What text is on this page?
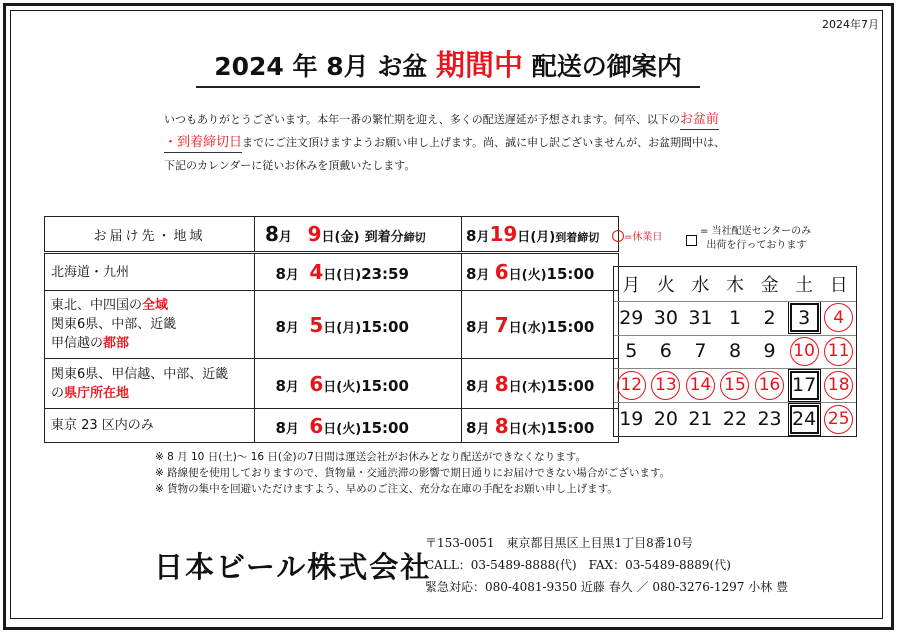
2024年7月
2024 年 8月 お盆 期間中 配送の御案内

いつもありがとうございます。本年一番の繁忙期を迎え、多くの配送遅延が予想されます。何卒、以下のお盆前

・到着締切日までにご注文頂けますようお願い申し上げます。尚、誠に申し訳ございませんが、お盆期間中は、

下記のカレンダーに従いお休みを頂戴いたします。

お届け先・地域	8月 9日(金) 到着分締切	8月19日(月)到着締切
北海道・九州	8月 4日(日)23:59	8月 6日(火)15:00
東北、中四国の全域
関東6県、中部、近畿
甲信越の都部	8月 5日(月)15:00	8月 7日(水)15:00
関東6県、甲信越、中部、近畿
の県庁所在地	8月 6日(火)15:00	8月 8日(木)15:00
東京 23 区内のみ	8月 6日(火)15:00	8月 8日(木)15:00
=休業日
= 当社配送センターのみ
出荷を行っております
月 火 水 木 金 土 日
29 30 31 1 2	3	4
5 6 7 8 9 10 11
12 13 14 15 16 17 18
19 20 21 22 23 24 25

※ 8 月 10 日(土)～ 16 日(金)の7日間は運送会社がお休みとなり配送ができなくなります。

※ 路線便を使用しておりますので、貨物量・交通渋滞の影響で期日通りにお届けできない場合がございます。

※ 貨物の集中を回避いただけますよう、早めのご注文、充分な在庫の手配をお願い申し上げます。

日本ビール株式会社

〒153-0051　東京都目黒区上目黒1丁目8番10号

CALL：03-5489-8888(代)　FAX：03-5489-8889(代)

緊急対応：080-4081-9350 近藤 春久 ／ 080-3276-1297 小林 豊
